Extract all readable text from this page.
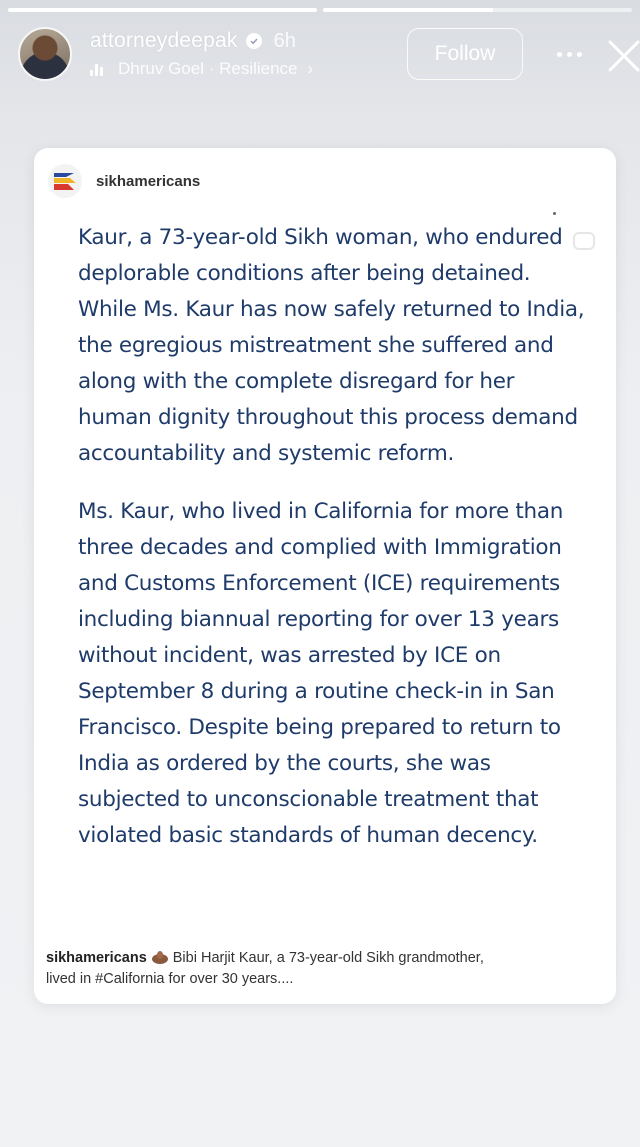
attorneydeepak 6h
Dhruv Goel · Resilience ›
Follow
sikhamericans

Kaur, a 73-year-old Sikh woman, who endured deplorable conditions after being detained. While Ms. Kaur has now safely returned to India, the egregious mistreatment she suffered and along with the complete disregard for her human dignity throughout this process demand accountability and systemic reform.

Ms. Kaur, who lived in California for more than three decades and complied with Immigration and Customs Enforcement (ICE) requirements including biannual reporting for over 13 years without incident, was arrested by ICE on September 8 during a routine check-in in San Francisco. Despite being prepared to return to India as ordered by the courts, she was subjected to unconscionable treatment that violated basic standards of human decency.

sikhamericans Bibi Harjit Kaur, a 73-year-old Sikh grandmother, lived in #California for over 30 years....
